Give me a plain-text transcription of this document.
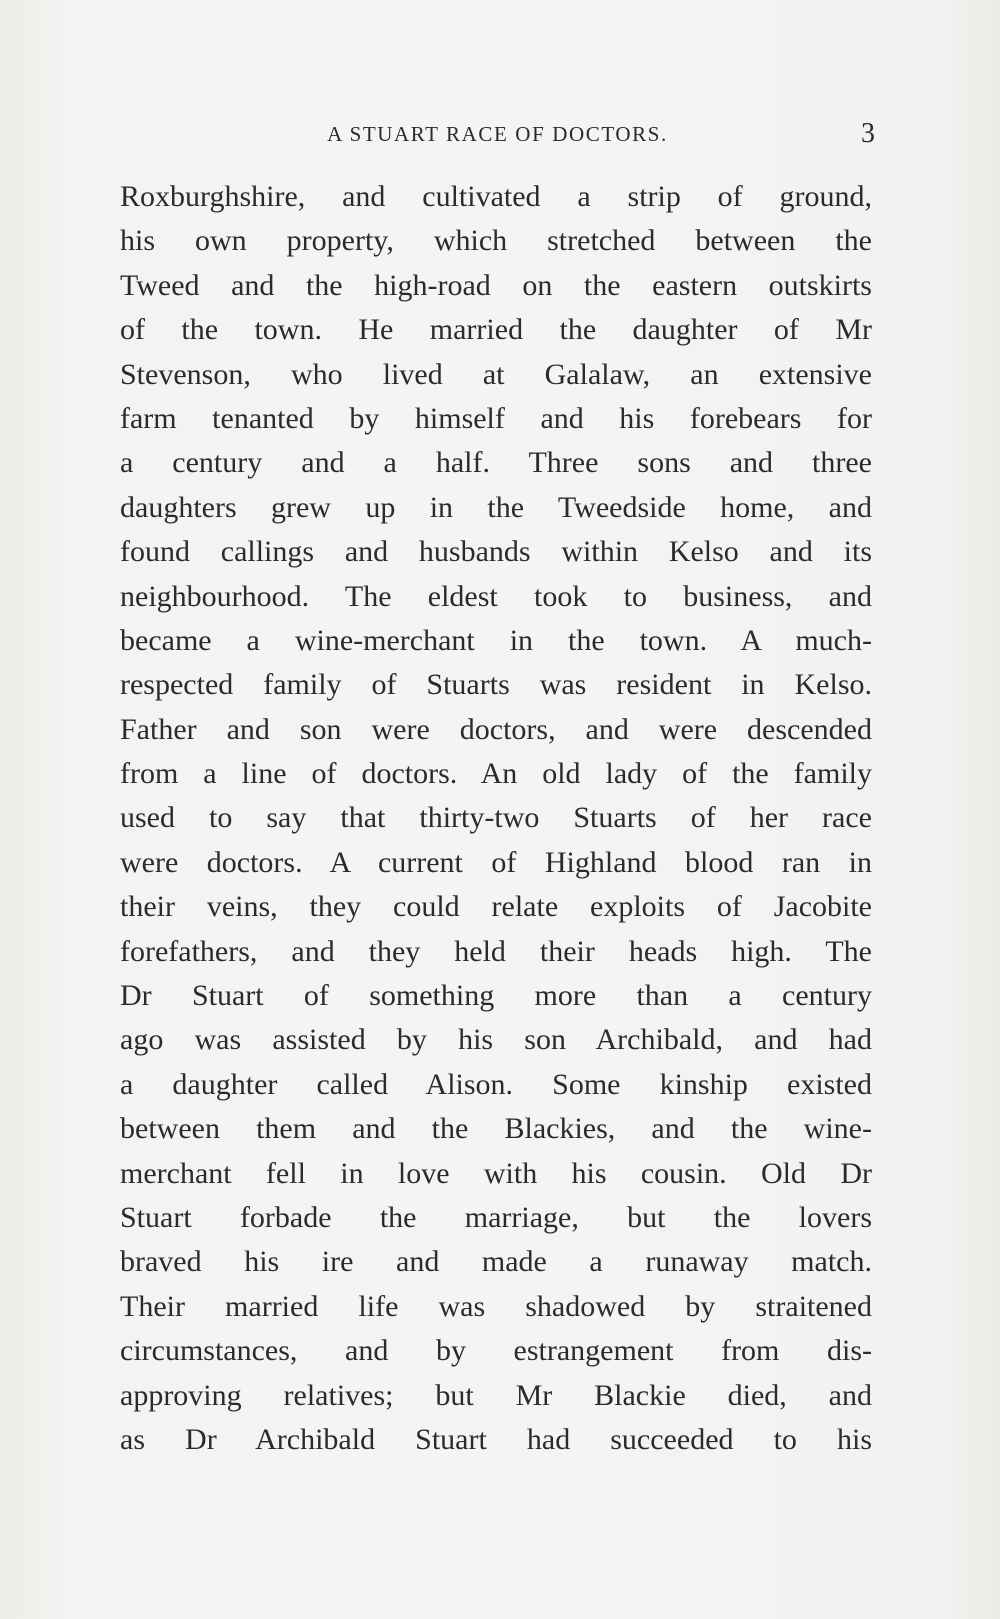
A STUART RACE OF DOCTORS.	3
Roxburghshire, and cultivated a strip of ground,
his own property, which stretched between the
Tweed and the high-road on the eastern outskirts
of the town. He married the daughter of Mr
Stevenson, who lived at Galalaw, an extensive
farm tenanted by himself and his forebears for
a century and a half. Three sons and three
daughters grew up in the Tweedside home, and
found callings and husbands within Kelso and its
neighbourhood. The eldest took to business, and
became a wine-merchant in the town. A much-
respected family of Stuarts was resident in Kelso.
Father and son were doctors, and were descended
from a line of doctors. An old lady of the family
used to say that thirty-two Stuarts of her race
were doctors. A current of Highland blood ran in
their veins, they could relate exploits of Jacobite
forefathers, and they held their heads high. The
Dr Stuart of something more than a century
ago was assisted by his son Archibald, and had
a daughter called Alison. Some kinship existed
between them and the Blackies, and the wine-
merchant fell in love with his cousin. Old Dr
Stuart forbade the marriage, but the lovers
braved his ire and made a runaway match.
Their married life was shadowed by straitened
circumstances, and by estrangement from dis-
approving relatives; but Mr Blackie died, and
as Dr Archibald Stuart had succeeded to his
